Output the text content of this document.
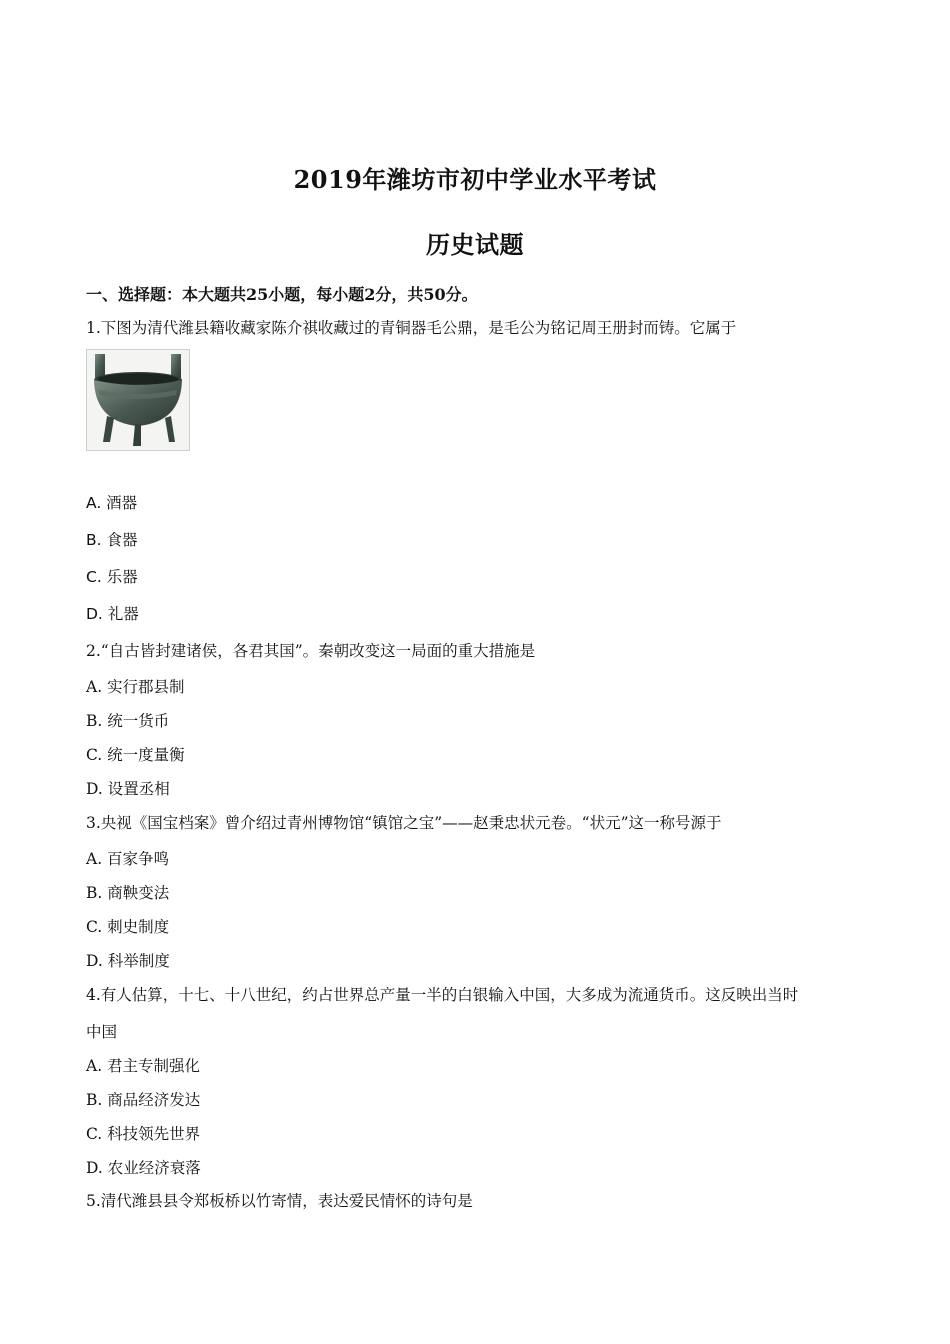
2019年潍坊市初中学业水平考试
历史试题
一、选择题：本大题共25小题，每小题2分，共50分。
1.下图为清代潍县籍收藏家陈介祺收藏过的青铜器毛公鼎，是毛公为铭记周王册封而铸。它属于
A. 酒器
B. 食器
C. 乐器
D. 礼器
2.“自古皆封建诸侯，各君其国”。秦朝改变这一局面的重大措施是
A. 实行郡县制
B. 统一货币
C. 统一度量衡
D. 设置丞相
3.央视《国宝档案》曾介绍过青州博物馆“镇馆之宝”——赵秉忠状元卷。“状元”这一称号源于
A. 百家争鸣
B. 商鞅变法
C. 刺史制度
D. 科举制度
4.有人估算，十七、十八世纪，约占世界总产量一半的白银输入中国，大多成为流通货币。这反映出当时
中国
A. 君主专制强化
B. 商品经济发达
C. 科技领先世界
D. 农业经济衰落
5.清代潍县县令郑板桥以竹寄情，表达爱民情怀的诗句是
